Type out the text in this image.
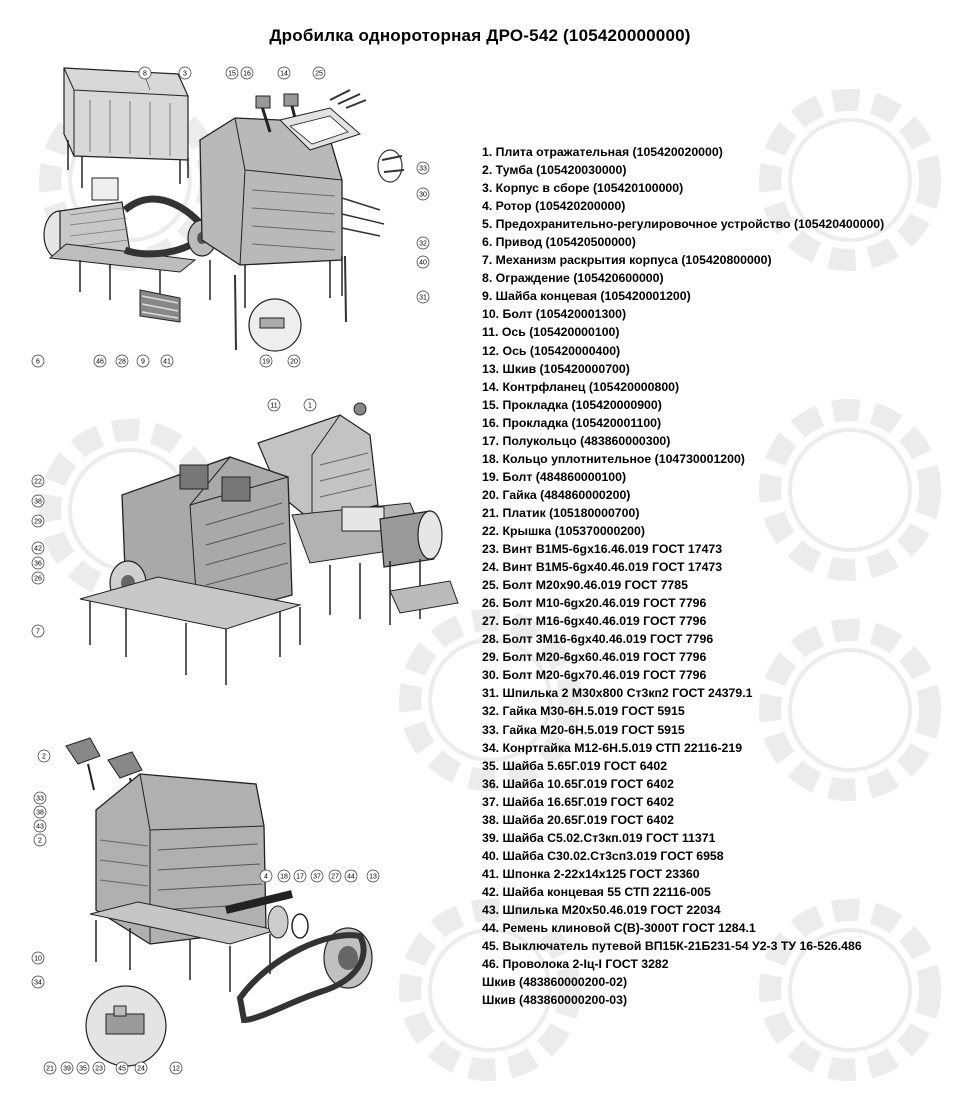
Дробилка однороторная ДРО-542 (105420000000)
8	3	15 16	14	25
33
30
32
40
31
6	46 28 9	41	19	20
11	1
22
38
29
42
36
26
7
2
33
38
43
2
4 18 17 37 27 44 13
10
34
21 39 35 23 45 24	12
1. Плита отражательная (105420020000)
2. Тумба (105420030000)
3. Корпус в сборе (105420100000)
4. Ротор (105420200000)
5. Предохранительно-регулировочное устройство (105420400000)
6. Привод (105420500000)
7. Механизм раскрытия корпуса (105420800000)
8. Ограждение (105420600000)
9. Шайба концевая (105420001200)
10. Болт (105420001300)
11. Ось (105420000100)
12. Ось (105420000400)
13. Шкив (105420000700)
14. Контрфланец (105420000800)
15. Прокладка (105420000900)
16. Прокладка (105420001100)
17. Полукольцо (483860000300)
18. Кольцо уплотнительное (104730001200)
19. Болт (484860000100)
20. Гайка (484860000200)
21. Платик (105180000700)
22. Крышка (105370000200)
23. Винт В1М5-6gx16.46.019 ГОСТ 17473
24. Винт В1М5-6gx40.46.019 ГОСТ 17473
25. Болт М20х90.46.019 ГОСТ 7785
26. Болт М10-6gx20.46.019 ГОСТ 7796
27. Болт М16-6gx40.46.019 ГОСТ 7796
28. Болт 3М16-6gx40.46.019 ГОСТ 7796
29. Болт М20-6gx60.46.019 ГОСТ 7796
30. Болт М20-6gx70.46.019 ГОСТ 7796
31. Шпилька 2 М30х800 Ст3кп2 ГОСТ 24379.1
32. Гайка М30-6Н.5.019 ГОСТ 5915
33. Гайка М20-6Н.5.019 ГОСТ 5915
34. Конртгайка М12-6Н.5.019 СТП 22116-219
35. Шайба 5.65Г.019 ГОСТ 6402
36. Шайба 10.65Г.019 ГОСТ 6402
37. Шайба 16.65Г.019 ГОСТ 6402
38. Шайба 20.65Г.019 ГОСТ 6402
39. Шайба С5.02.Ст3кп.019 ГОСТ 11371
40. Шайба С30.02.Ст3сп3.019 ГОСТ 6958
41. Шпонка 2-22х14х125 ГОСТ 23360
42. Шайба концевая 55 СТП 22116-005
43. Шпилька М20х50.46.019 ГОСТ 22034
44. Ремень клиновой С(В)-3000Т ГОСТ 1284.1
45. Выключатель путевой ВП15К-21Б231-54 У2-3 ТУ 16-526.486
46. Проволока 2-Іц-І ГОСТ 3282
Шкив (483860000200-02)
Шкив (483860000200-03)
